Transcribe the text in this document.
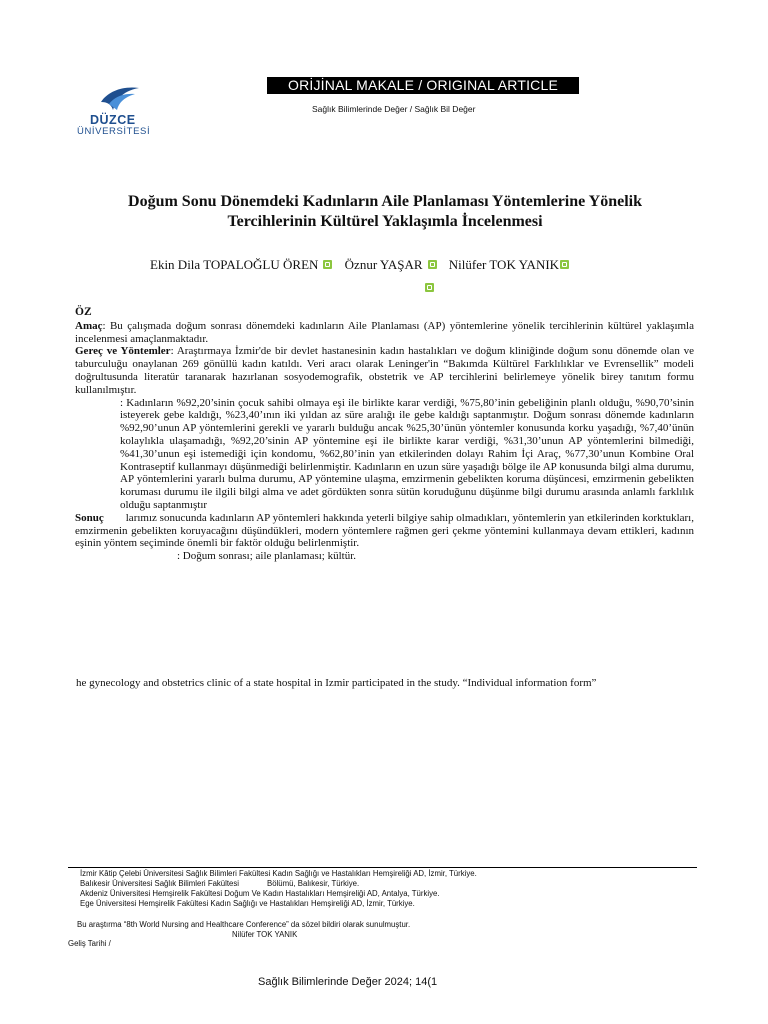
DÜZCE
ÜNİVERSİTESİ
ORİJİNAL MAKALE / ORIGINAL ARTICLE
Sağlık Bilimlerinde Değer / Sağlık Bil Değer
Doğum Sonu Dönemdeki Kadınların Aile Planlaması Yöntemlerine Yönelik
Tercihlerinin Kültürel Yaklaşımla İncelenmesi
Ekin Dila TOPALOĞLU ÖREN Öznur YAŞAR Nilüfer TOK YANIK
ÖZ

Amaç: Bu çalışmada doğum sonrası dönemdeki kadınların Aile Planlaması (AP) yöntemlerine yönelik tercihlerinin kültürel yaklaşımla incelenmesi amaçlanmaktadır.

Gereç ve Yöntemler: Araştırmaya İzmir'de bir devlet hastanesinin kadın hastalıkları ve doğum kliniğinde doğum sonu dönemde olan ve taburculuğu onaylanan 269 gönüllü kadın katıldı. Veri aracı olarak Leninger'in “Bakımda Kültürel Farklılıklar ve Evrensellik” modeli doğrultusunda literatür taranarak hazırlanan sosyodemografik, obstetrik ve AP tercihlerini belirlemeye yönelik birey tanıtım formu kullanılmıştır.

: Kadınların %92,20’sinin çocuk sahibi olmaya eşi ile birlikte karar verdiği, %75,80’inin gebeliğinin planlı olduğu, %90,70’sinin isteyerek gebe kaldığı, %23,40’ının iki yıldan az süre aralığı ile gebe kaldığı saptanmıştır. Doğum sonrası dönemde kadınların %92,90’unun AP yöntemlerini gerekli ve yararlı bulduğu ancak %25,30’ünün yöntemler konusunda korku yaşadığı, %7,40’ünün kolaylıkla ulaşamadığı, %92,20’sinin AP yöntemine eşi ile birlikte karar verdiği, %31,30’unun AP yöntemlerini bilmediği, %41,30’unun eşi istemediği için kondomu, %62,80’inin yan etkilerinden dolayı Rahim İçi Araç, %77,30’unun Kombine Oral Kontraseptif kullanmayı düşünmediği belirlenmiştir. Kadınların en uzun süre yaşadığı bölge ile AP konusunda bilgi alma durumu, AP yöntemlerini yararlı bulma durumu, AP yöntemine ulaşma, emzirmenin gebelikten koruma düşüncesi, emzirmenin gebelikten koruması durumu ile ilgili bilgi alma ve adet gördükten sonra sütün koruduğunu düşünme bilgi durumu arasında anlamlı farklılık olduğu saptanmıştır

Sonuç larımız sonucunda kadınların AP yöntemleri hakkında yeterli bilgiye sahip olmadıkları, yöntemlerin yan etkilerinden korktukları, emzirmenin gebelikten koruyacağını düşündükleri, modern yöntemlere rağmen geri çekme yöntemini kullanmaya devam ettikleri, kadının eşinin yöntem seçiminde önemli bir faktör olduğu belirlenmiştir.

: Doğum sonrası; aile planlaması; kültür.

he gynecology and obstetrics clinic of a state hospital in Izmir participated in the study. “Individual information form”
İzmir Kâtip Çelebi Üniversitesi Sağlık Bilimleri Fakültesi Kadın Sağlığı ve Hastalıkları Hemşireliği AD, İzmir, Türkiye.
Balıkesir Üniversitesi Sağlık Bilimleri Fakültesi	Bölümü, Balıkesir, Türkiye.
Akdeniz Üniversitesi Hemşirelik Fakültesi Doğum Ve Kadın Hastalıkları Hemşireliği AD, Antalya, Türkiye.
Ege Üniversitesi Hemşirelik Fakültesi Kadın Sağlığı ve Hastalıkları Hemşireliği AD, İzmir, Türkiye.
Bu araştırma “8th World Nursing and Healthcare Conference” da sözel bildiri olarak sunulmuştur.
Nilüfer TOK YANIK
Geliş Tarihi /
Sağlık Bilimlerinde Değer 2024; 14(1
